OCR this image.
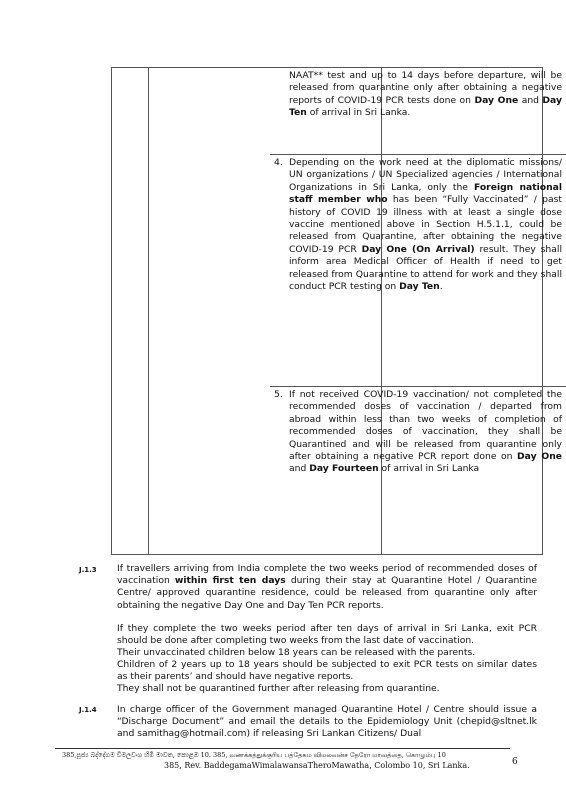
NAAT** test and up to 14 days before departure, will be released from quarantine only after obtaining a negative reports of COVID-19 PCR tests done on Day One and Day Ten of arrival in Sri Lanka.
4. Depending on the work need at the diplomatic missions/ UN organizations / UN Specialized agencies / International Organizations in Sri Lanka, only the Foreign national staff member who has been “Fully Vaccinated” / past history of COVID 19 illness with at least a single dose vaccine mentioned above in Section H.5.1.1, could be released from Quarantine, after obtaining the negative COVID-19 PCR Day One (On Arrival) result. They shall inform area Medical Officer of Health if need to get released from Quarantine to attend for work and they shall conduct PCR testing on Day Ten.
5. If not received COVID-19 vaccination/ not completed the recommended doses of vaccination / departed from abroad within less than two weeks of completion of recommended doses of vaccination, they shall be Quarantined and will be released from quarantine only after obtaining a negative PCR report done on Day One and Day Fourteen of arrival in Sri Lanka
J.1.3 If travellers arriving from India complete the two weeks period of recommended doses of vaccination within first ten days during their stay at Quarantine Hotel / Quarantine Centre/ approved quarantine residence, could be released from quarantine only after obtaining the negative Day One and Day Ten PCR reports.
If they complete the two weeks period after ten days of arrival in Sri Lanka, exit PCR should be done after completing two weeks from the last date of vaccination.
Their unvaccinated children below 18 years can be released with the parents.
Children of 2 years up to 18 years should be subjected to exit PCR tests on similar dates as their parents’ and should have negative reports.
They shall not be quarantined further after releasing from quarantine.
J.1.4 In charge officer of the Government managed Quarantine Hotel / Centre should issue a “Discharge Document” and email the details to the Epidemiology Unit (chepid@sltnet.lk and samithag@hotmail.com) if releasing Sri Lankan Citizens/ Dual
385,පූජ්‍ය බද්දේගම විමලවංශ හිමි මාවත, කොළඹ 10. 385, வணக்கத்துக்குரிய பத்தேகம விமலவன்ச தேரோ மாவத்தை, கொழும்பு 10
385, Rev. BaddegamaWimalawansaTheroMawatha, Colombo 10, Sri Lanka.	6
